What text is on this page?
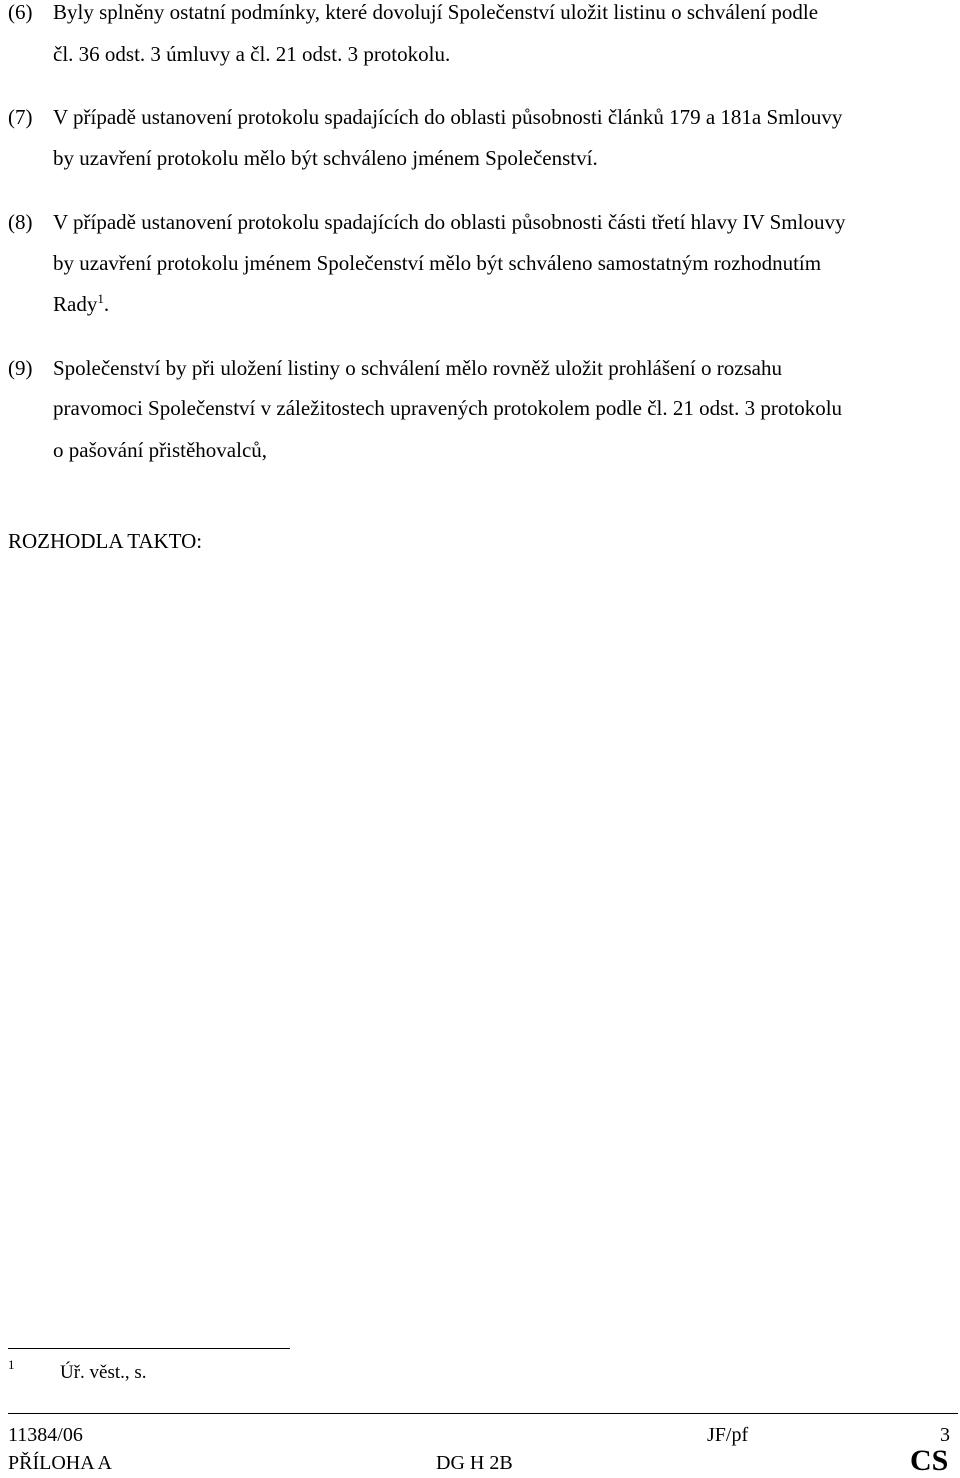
(6) Byly splněny ostatní podmínky, které dovolují Společenství uložit listinu o schválení podle
čl. 36 odst. 3 úmluvy a čl. 21 odst. 3 protokolu.
(7) V případě ustanovení protokolu spadajících do oblasti působnosti článků 179 a 181a Smlouvy
by uzavření protokolu mělo být schváleno jménem Společenství.
(8) V případě ustanovení protokolu spadajících do oblasti působnosti části třetí hlavy IV Smlouvy
by uzavření protokolu jménem Společenství mělo být schváleno samostatným rozhodnutím
Rady$^1$.
(9) Společenství by při uložení listiny o schválení mělo rovněž uložit prohlášení o rozsahu
pravomoci Společenství v záležitostech upravených protokolem podle čl. 21 odst. 3 protokolu
o pašování přistěhovalců,
ROZHODLA TAKTO:
1 Úř. věst., s.
11384/06	JF/pf	3
PŘÍLOHA A	DG H 2B	CS
